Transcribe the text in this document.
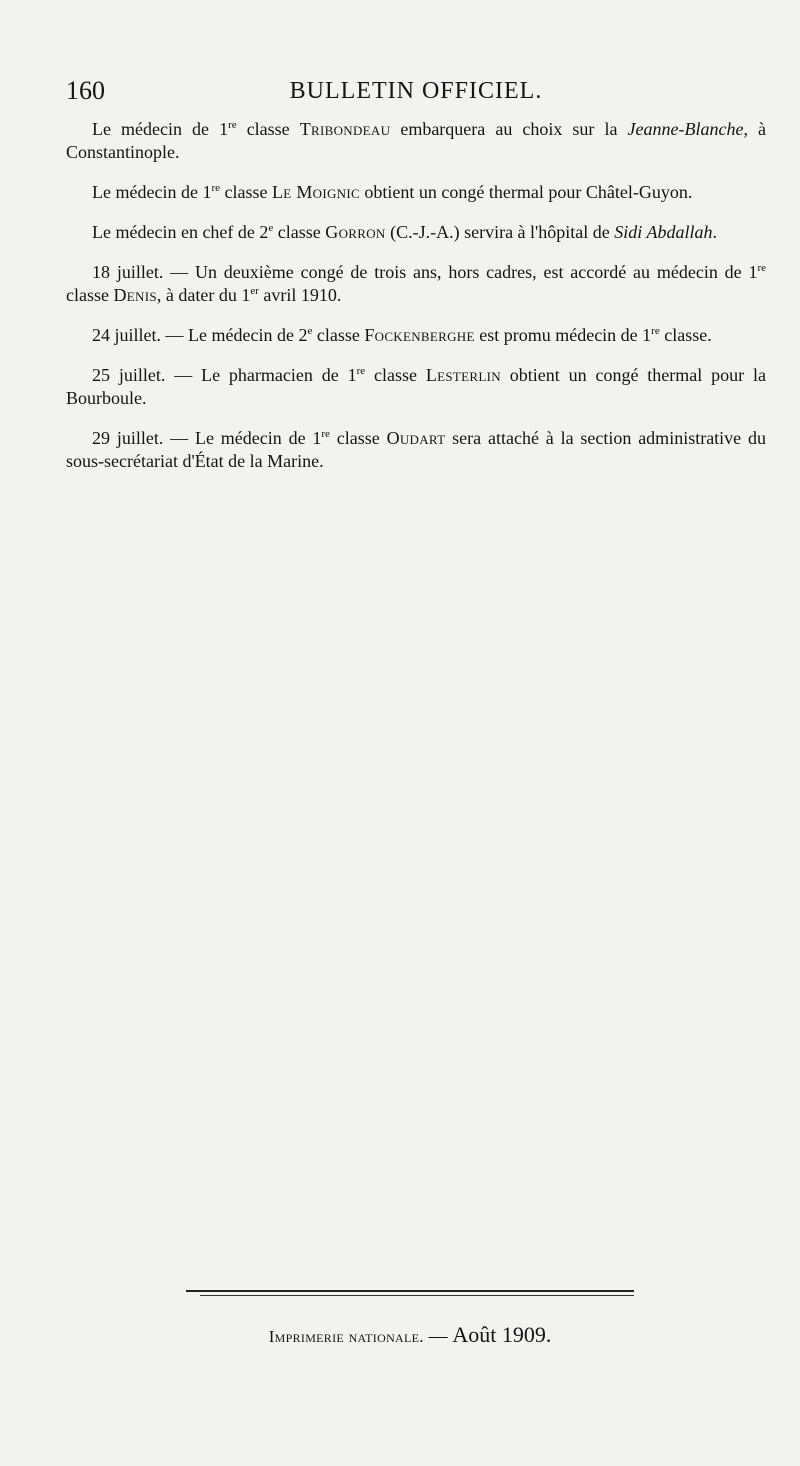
160	BULLETIN OFFICIEL.

Le médecin de 1re classe Tribondeau embarquera au choix sur la Jeanne-Blanche, à Constantinople.

Le médecin de 1re classe Le Moignic obtient un congé thermal pour Châtel-Guyon.

Le médecin en chef de 2e classe Gorron (C.-J.-A.) servira à l'hôpital de Sidi Abdallah.

18 juillet. — Un deuxième congé de trois ans, hors cadres, est accordé au médecin de 1re classe Denis, à dater du 1er avril 1910.

24 juillet. — Le médecin de 2e classe Fockenberghe est promu médecin de 1re classe.

25 juillet. — Le pharmacien de 1re classe Lesterlin obtient un congé thermal pour la Bourboule.

29 juillet. — Le médecin de 1re classe Oudart sera attaché à la section administrative du sous-secrétariat d'État de la Marine.

Imprimerie nationale. — Août 1909.
